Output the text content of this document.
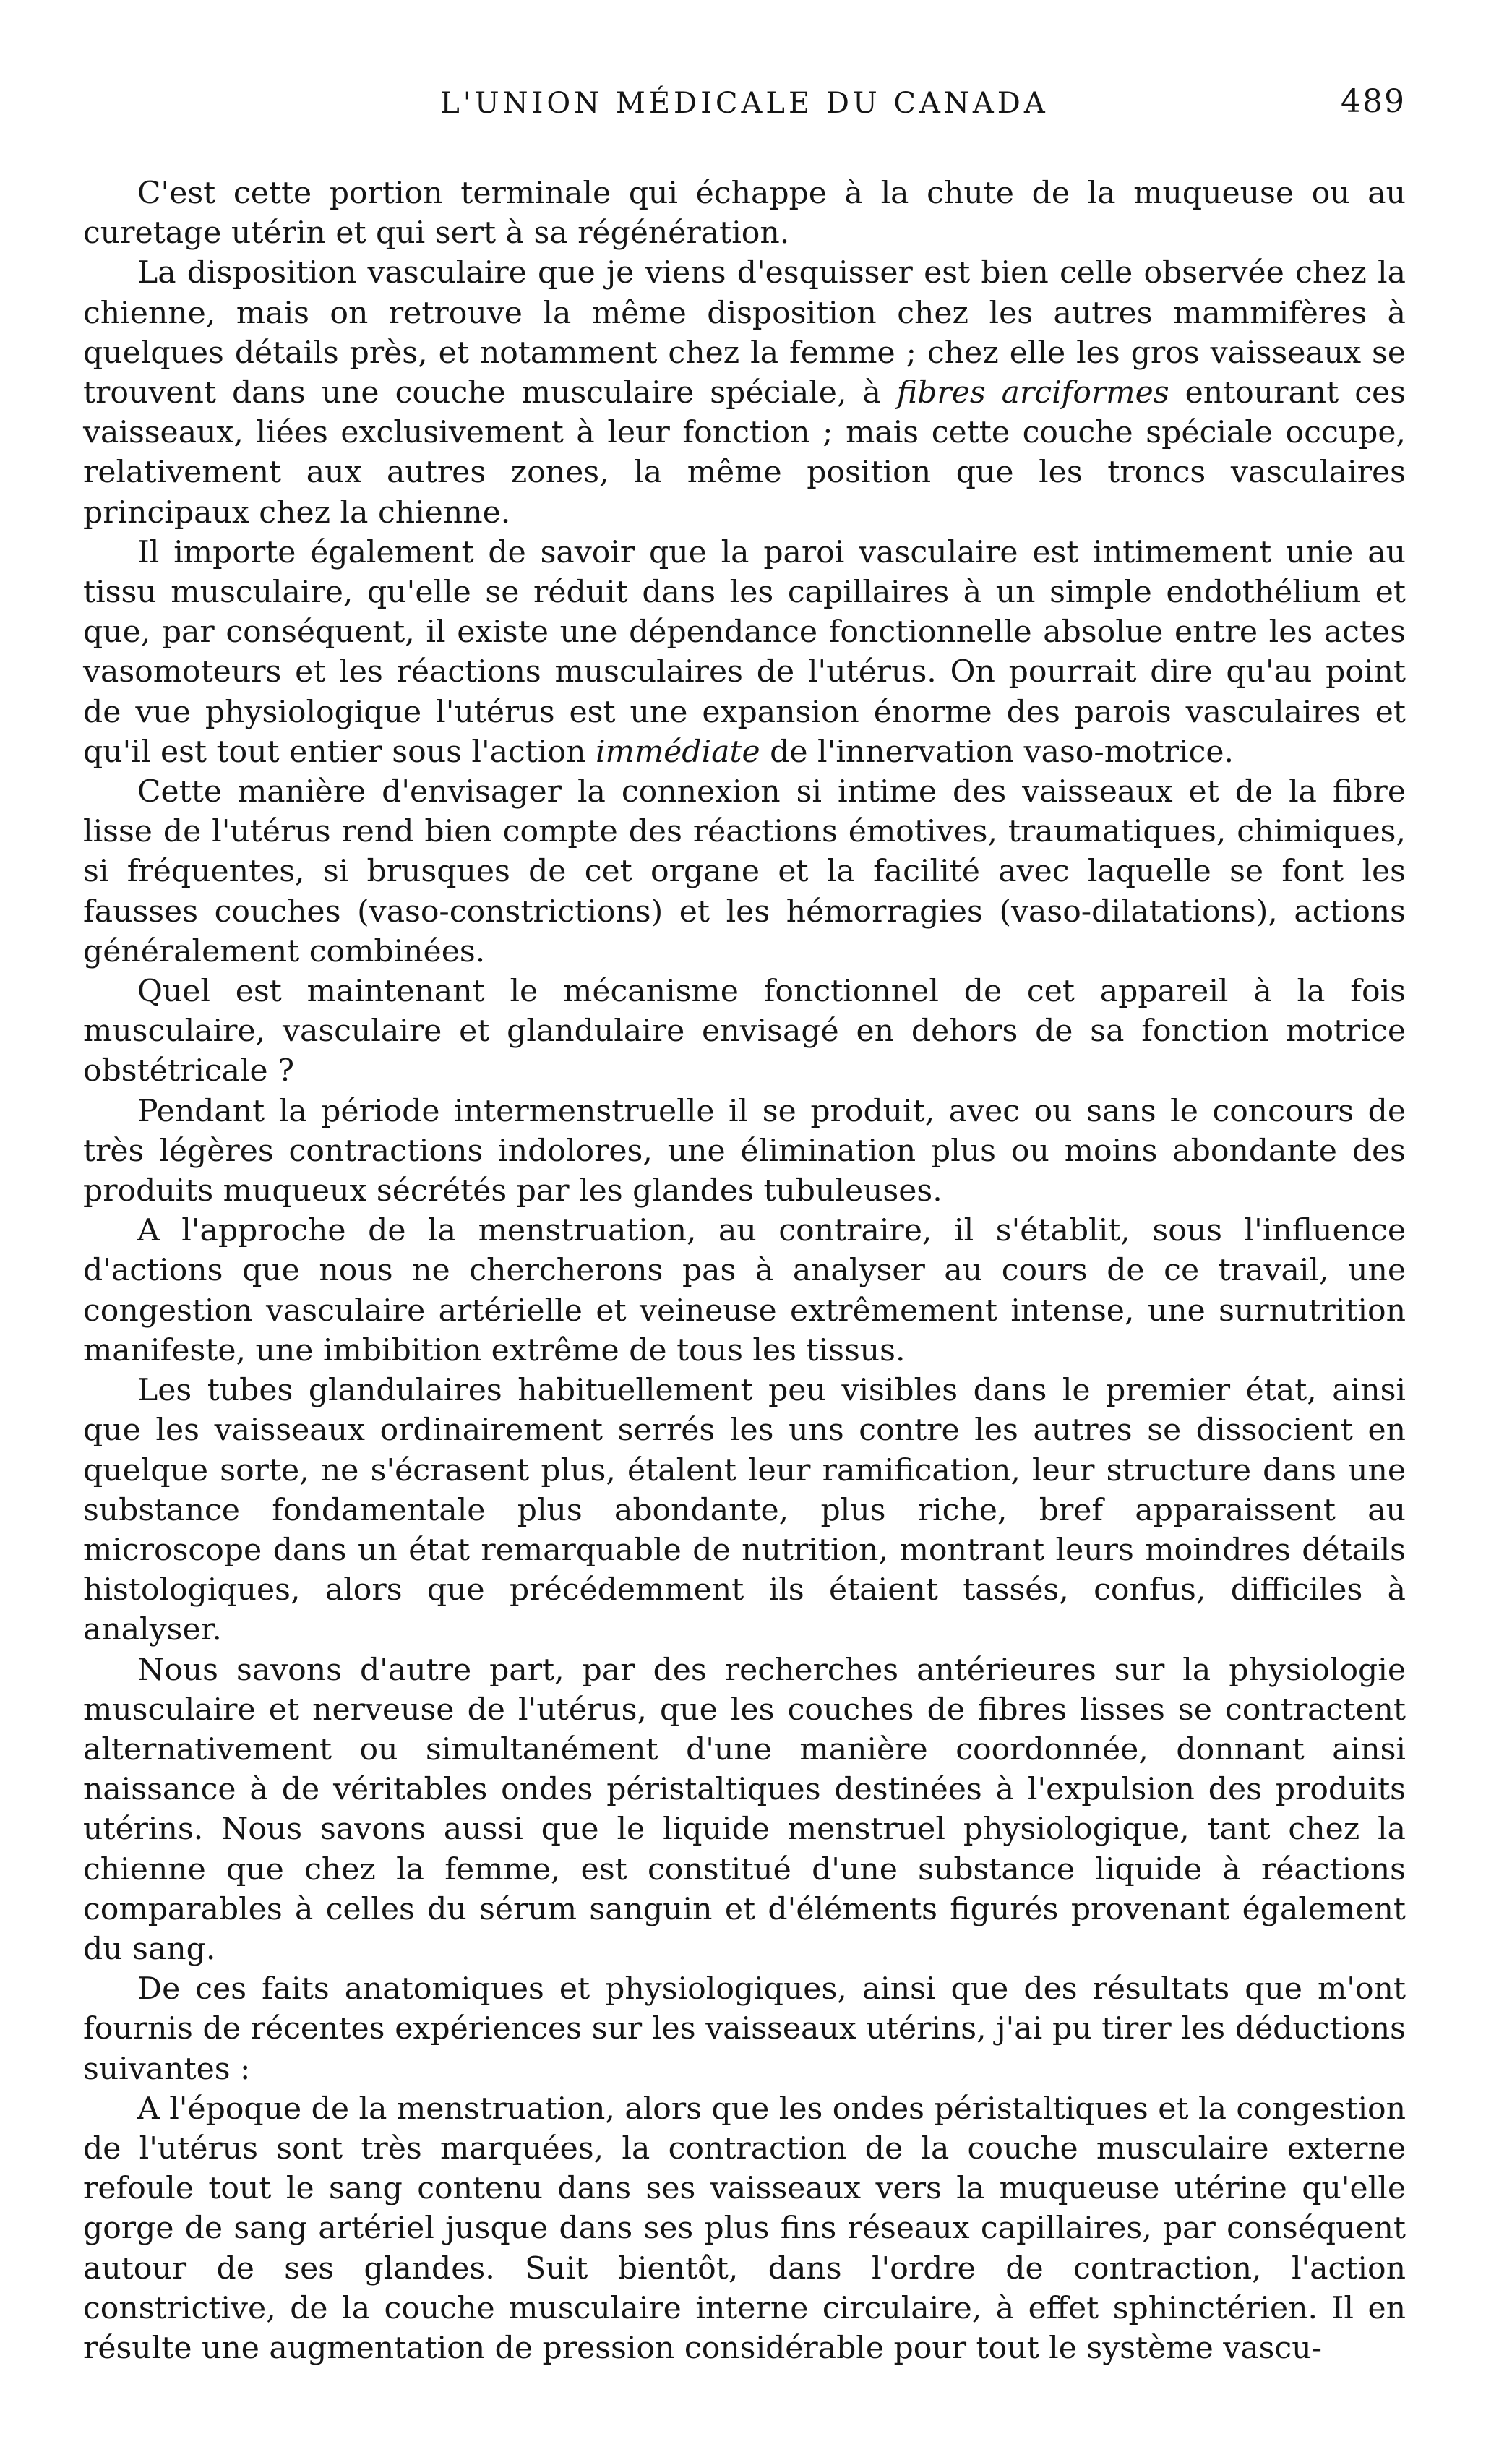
L'UNION MÉDICALE DU CANADA	489

C'est cette portion terminale qui échappe à la chute de la muqueuse ou au curetage utérin et qui sert à sa régénération.

La disposition vasculaire que je viens d'esquisser est bien celle observée chez la chienne, mais on retrouve la même disposition chez les autres mammifères à quelques détails près, et notamment chez la femme ; chez elle les gros vaisseaux se trouvent dans une couche musculaire spéciale, à fibres arciformes entourant ces vaisseaux, liées exclusivement à leur fonction ; mais cette couche spéciale occupe, relativement aux autres zones, la même position que les troncs vasculaires principaux chez la chienne.

Il importe également de savoir que la paroi vasculaire est intimement unie au tissu musculaire, qu'elle se réduit dans les capillaires à un simple endothélium et que, par conséquent, il existe une dépendance fonctionnelle absolue entre les actes vasomoteurs et les réactions musculaires de l'utérus. On pourrait dire qu'au point de vue physiologique l'utérus est une expansion énorme des parois vasculaires et qu'il est tout entier sous l'action immédiate de l'innervation vaso-motrice.

Cette manière d'envisager la connexion si intime des vaisseaux et de la fibre lisse de l'utérus rend bien compte des réactions émotives, traumatiques, chimiques, si fréquentes, si brusques de cet organe et la facilité avec laquelle se font les fausses couches (vaso-constrictions) et les hémorragies (vaso-dilatations), actions généralement combinées.

Quel est maintenant le mécanisme fonctionnel de cet appareil à la fois musculaire, vasculaire et glandulaire envisagé en dehors de sa fonction motrice obstétricale ?

Pendant la période intermenstruelle il se produit, avec ou sans le concours de très légères contractions indolores, une élimination plus ou moins abondante des produits muqueux sécrétés par les glandes tubuleuses.

A l'approche de la menstruation, au contraire, il s'établit, sous l'influence d'actions que nous ne chercherons pas à analyser au cours de ce travail, une congestion vasculaire artérielle et veineuse extrêmement intense, une surnutrition manifeste, une imbibition extrême de tous les tissus.

Les tubes glandulaires habituellement peu visibles dans le premier état, ainsi que les vaisseaux ordinairement serrés les uns contre les autres se dissocient en quelque sorte, ne s'écrasent plus, étalent leur ramification, leur structure dans une substance fondamentale plus abondante, plus riche, bref apparaissent au microscope dans un état remarquable de nutrition, montrant leurs moindres détails histologiques, alors que précédemment ils étaient tassés, confus, difficiles à analyser.

Nous savons d'autre part, par des recherches antérieures sur la physiologie musculaire et nerveuse de l'utérus, que les couches de fibres lisses se contractent alternativement ou simultanément d'une manière coordonnée, donnant ainsi naissance à de véritables ondes péristaltiques destinées à l'expulsion des produits utérins. Nous savons aussi que le liquide menstruel physiologique, tant chez la chienne que chez la femme, est constitué d'une substance liquide à réactions comparables à celles du sérum sanguin et d'éléments figurés provenant également du sang.

De ces faits anatomiques et physiologiques, ainsi que des résultats que m'ont fournis de récentes expériences sur les vaisseaux utérins, j'ai pu tirer les déductions suivantes :

A l'époque de la menstruation, alors que les ondes péristaltiques et la congestion de l'utérus sont très marquées, la contraction de la couche musculaire externe refoule tout le sang contenu dans ses vaisseaux vers la muqueuse utérine qu'elle gorge de sang artériel jusque dans ses plus fins réseaux capillaires, par conséquent autour de ses glandes. Suit bientôt, dans l'ordre de contraction, l'action constrictive, de la couche musculaire interne circulaire, à effet sphinctérien. Il en résulte une augmentation de pression considérable pour tout le système vascu-
